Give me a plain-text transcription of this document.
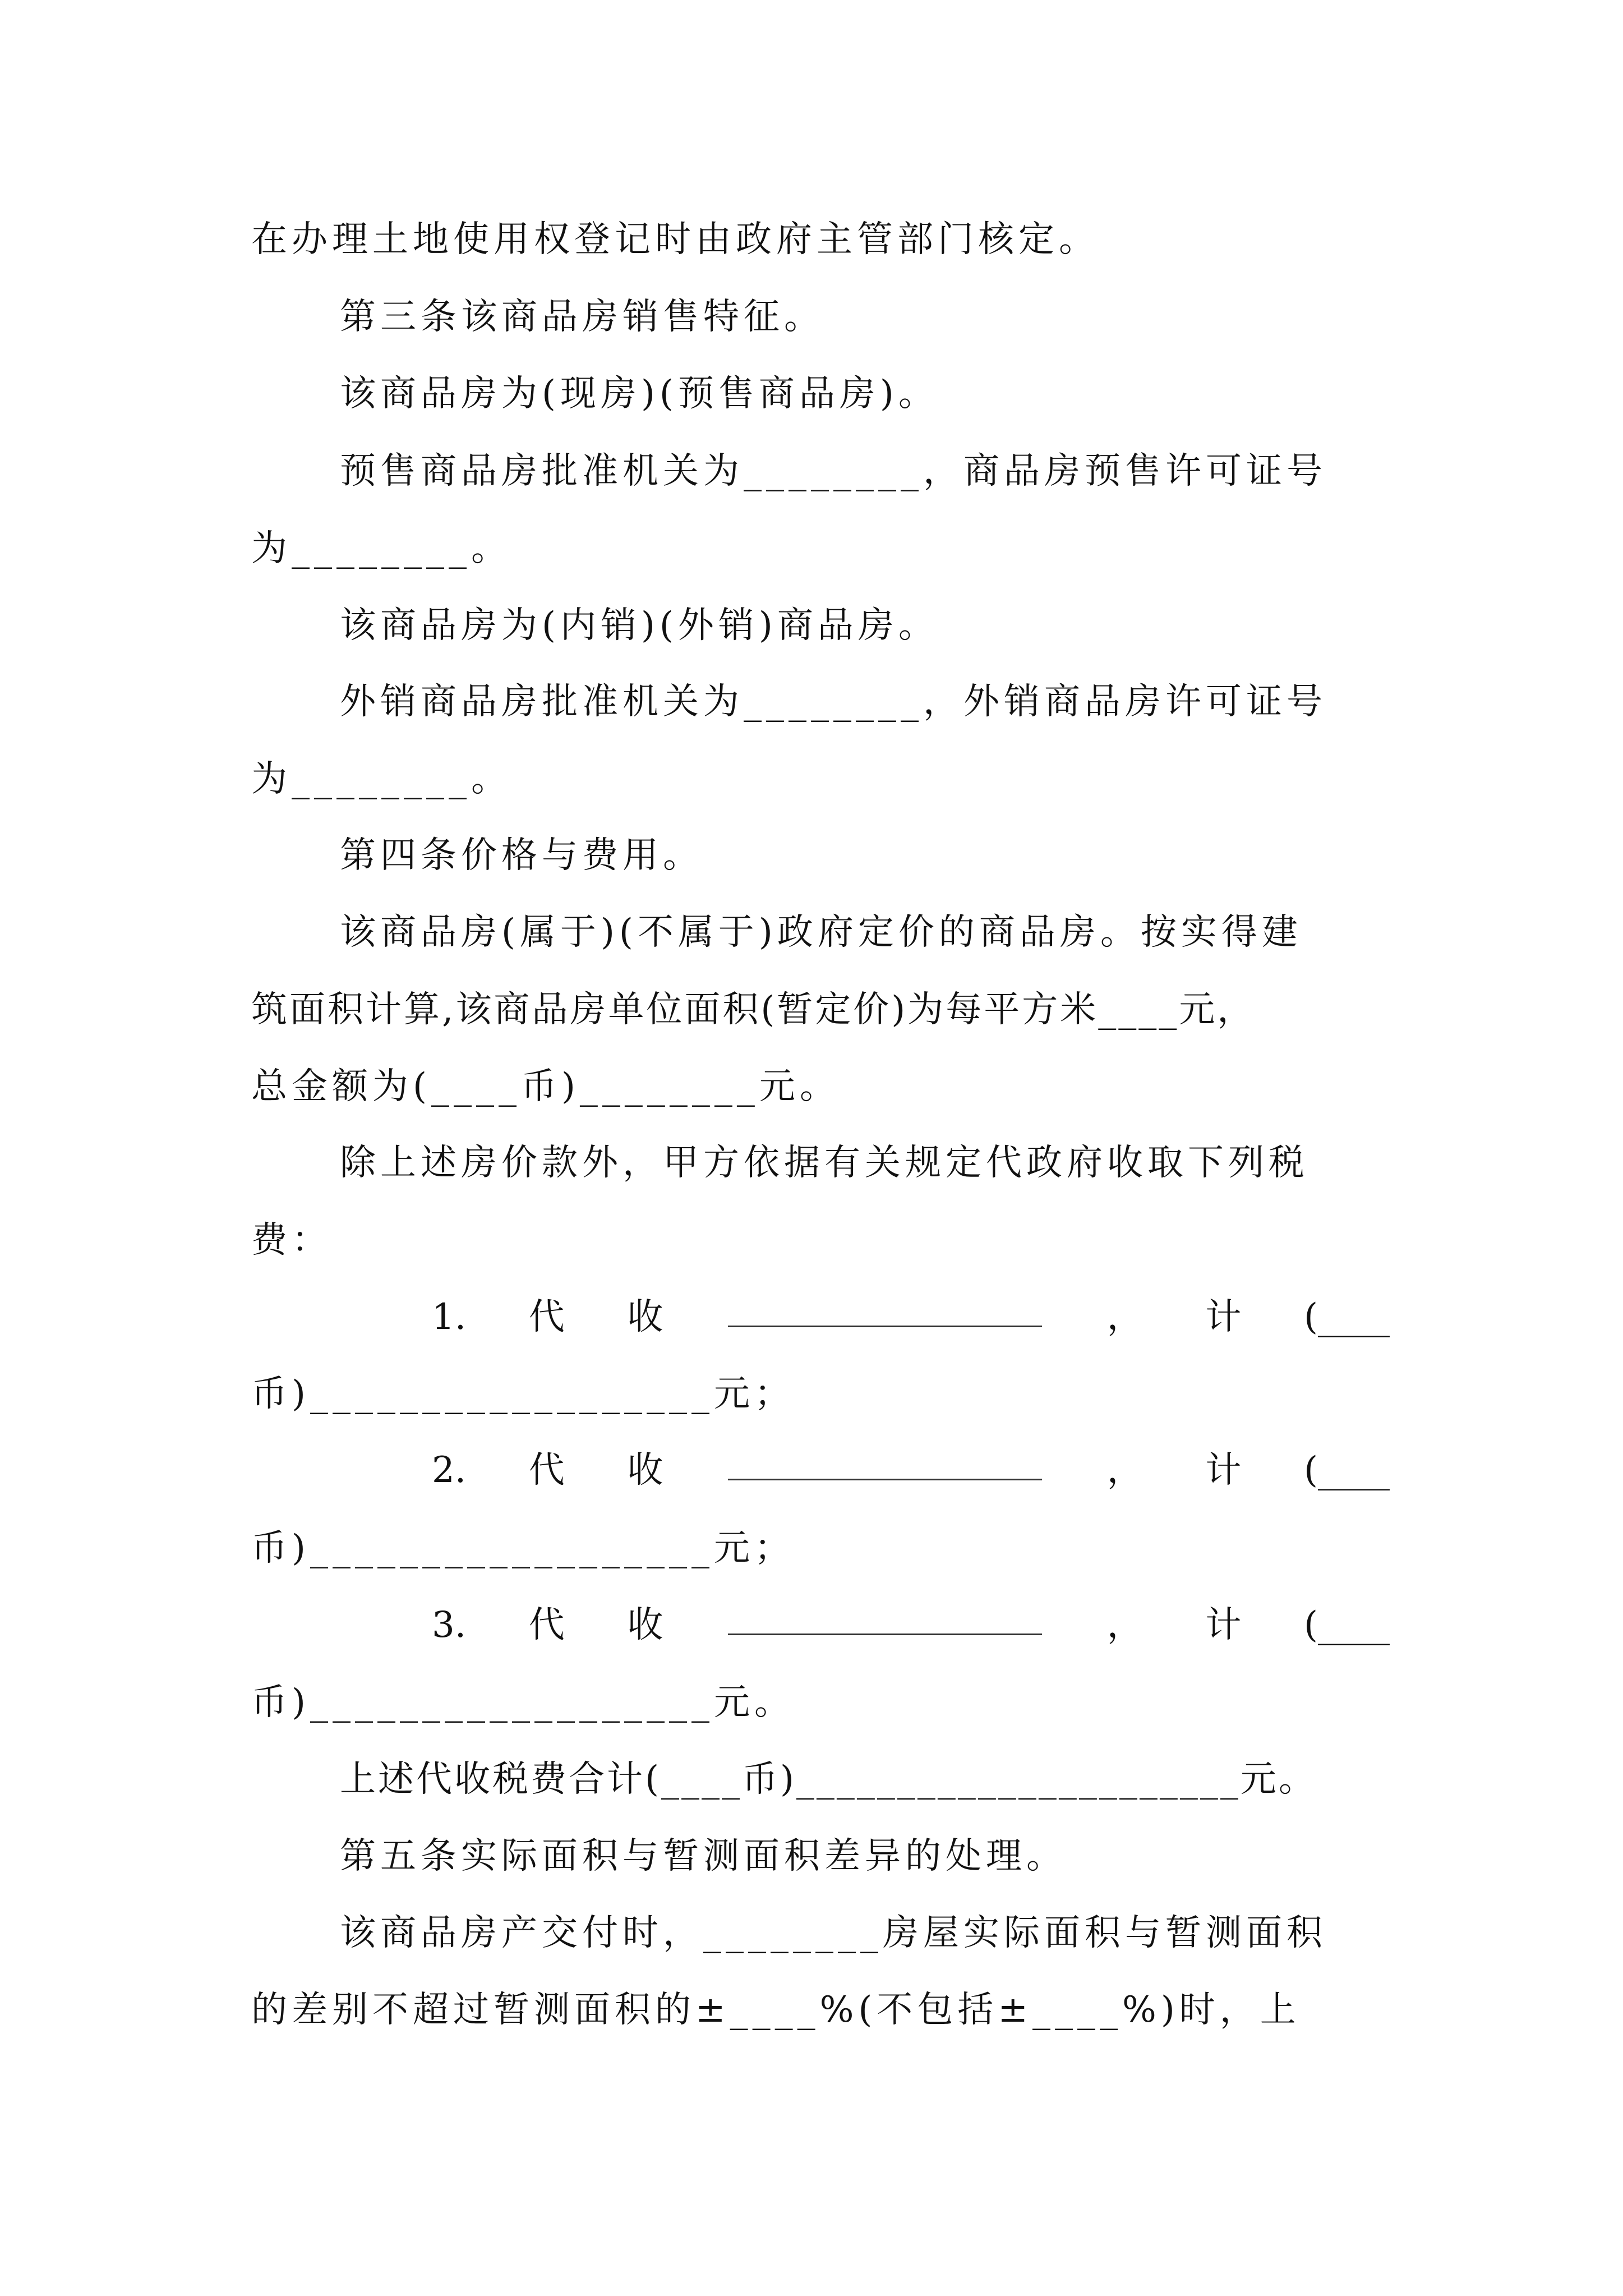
在办理土地使用权登记时由政府主管部门核定。
第三条该商品房销售特征。
该商品房为(现房)(预售商品房)。
预售商品房批准机关为________，商品房预售许可证号
为________。
该商品房为(内销)(外销)商品房。
外销商品房批准机关为________，外销商品房许可证号
为________。
第四条价格与费用。
该商品房(属于)(不属于)政府定价的商品房。按实得建
筑面积计算,该商品房单位面积(暂定价)为每平方米____元，
总金额为(____币)________元。
除上述房价款外，甲方依据有关规定代政府收取下列税
费：
1. 代 收	， 计 (____
币)__________________元；
2. 代 收	， 计 (____
币)__________________元；
3. 代 收	， 计 (____
币)__________________元。
上述代收税费合计(____币)______________________元。
第五条实际面积与暂测面积差异的处理。
该商品房产交付时，________房屋实际面积与暂测面积
的差别不超过暂测面积的±____%(不包括±____%)时，上
